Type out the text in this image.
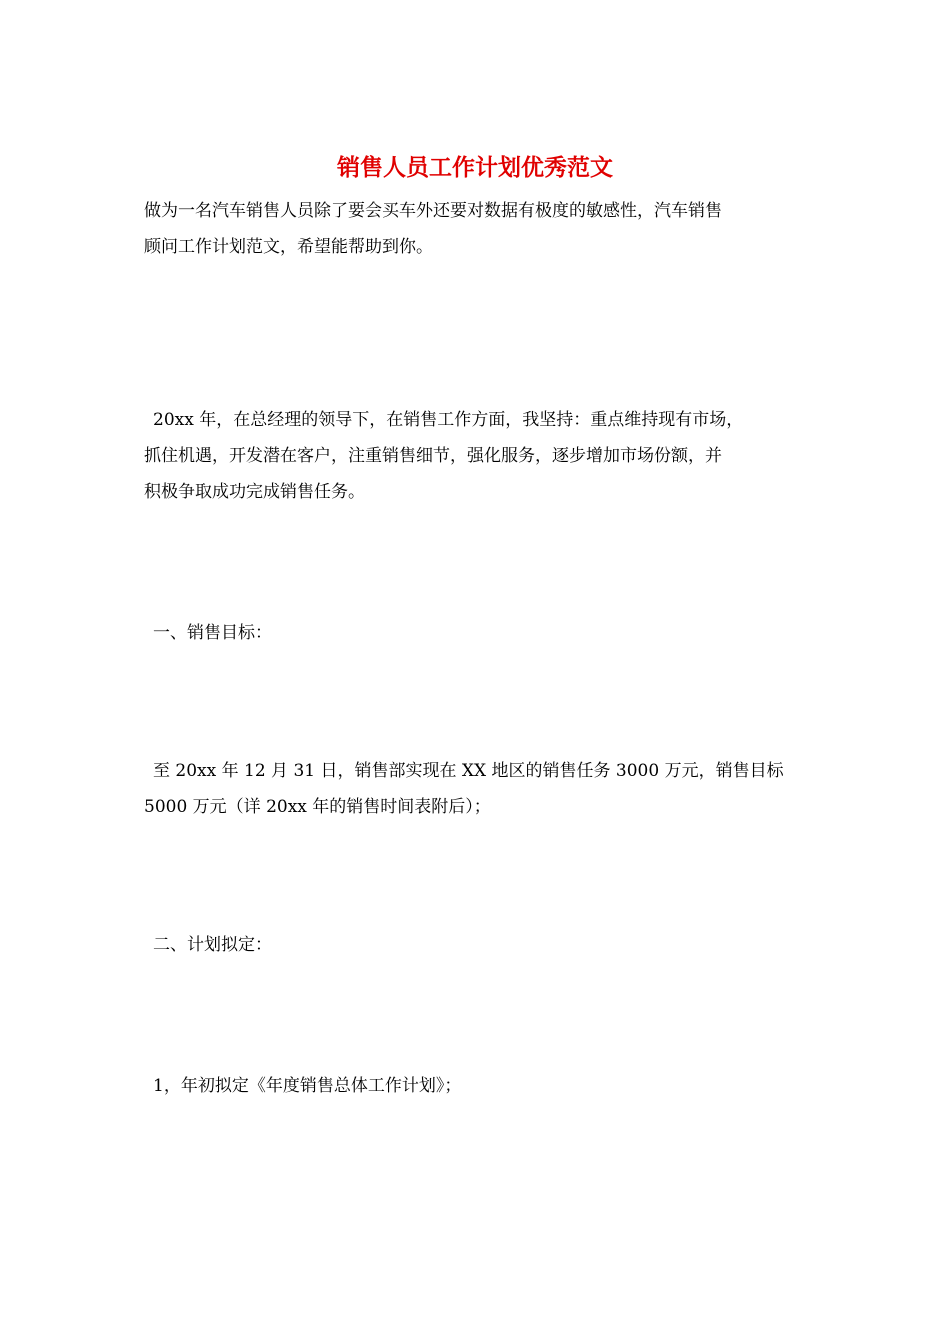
销售人员工作计划优秀范文

做为一名汽车销售人员除了要会买车外还要对数据有极度的敏感性，汽车销售
顾问工作计划范文，希望能帮助到你。

20xx 年，在总经理的领导下，在销售工作方面，我坚持：重点维持现有市场，
抓住机遇，开发潜在客户，注重销售细节，强化服务，逐步增加市场份额，并
积极争取成功完成销售任务。

一、销售目标：

至 20xx 年 12 月 31 日，销售部实现在 XX 地区的销售任务 3000 万元，销售目标
5000 万元（详 20xx 年的销售时间表附后）；

二、计划拟定：

1，年初拟定《年度销售总体工作计划》；
